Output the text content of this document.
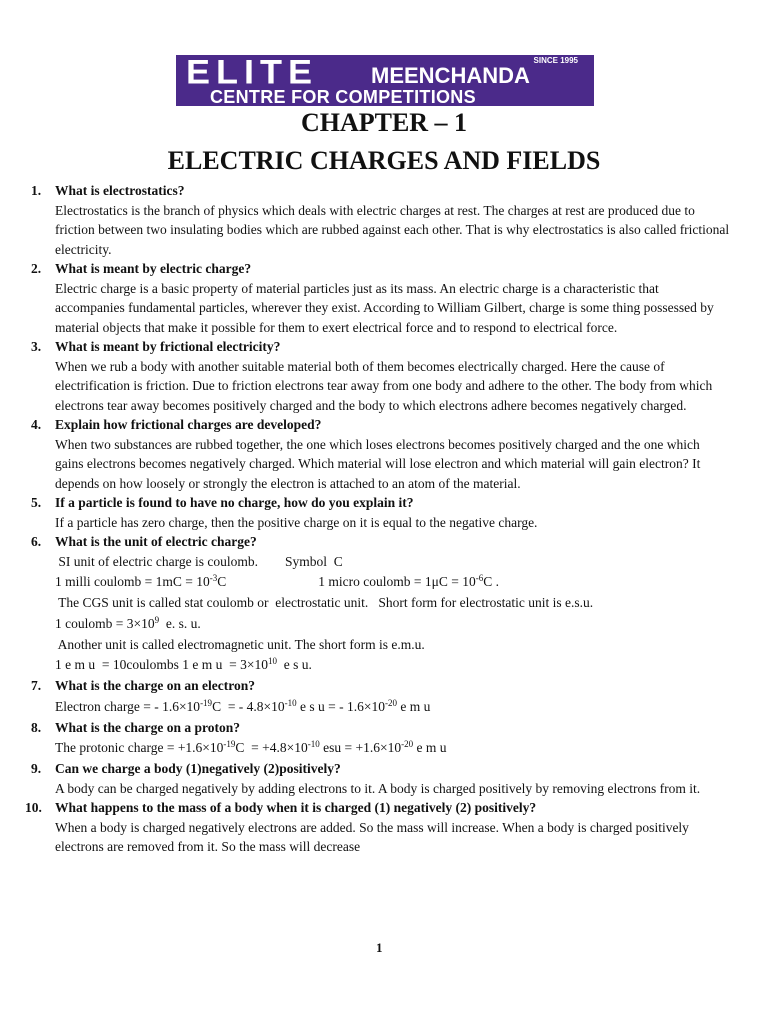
ELITE	SINCE 1995
MEENCHANDA
CENTRE FOR COMPETITIONS
CHAPTER – 1
ELECTRIC CHARGES AND FIELDS
1. What is electrostatics?
Electrostatics is the branch of physics which deals with electric charges at rest. The charges at rest are produced due to friction between two insulating bodies which are rubbed against each other. That is why electrostatics is also called frictional electricity.
2. What is meant by electric charge?
Electric charge is a basic property of material particles just as its mass. An electric charge is a characteristic that accompanies fundamental particles, wherever they exist. According to William Gilbert, charge is some thing possessed by material objects that make it possible for them to exert electrical force and to respond to electrical force.
3. What is meant by frictional electricity?
When we rub a body with another suitable material both of them becomes electrically charged. Here the cause of electrification is friction. Due to friction electrons tear away from one body and adhere to the other. The body from which electrons tear away becomes positively charged and the body to which electrons adhere becomes negatively charged.
4. Explain how frictional charges are developed?
When two substances are rubbed together, the one which loses electrons becomes positively charged and the one which gains electrons becomes negatively charged. Which material will lose electron and which material will gain electron? It depends on how loosely or strongly the electron is attached to an atom of the material.
5. If a particle is found to have no charge, how do you explain it?
If a particle has zero charge, then the positive charge on it is equal to the negative charge.
6. What is the unit of electric charge?
SI unit of electric charge is coulomb.        Symbol  C
1 milli coulomb = $1mC = 10^{-3}C$	1 micro coulomb = $1\mu C = 10^{-6}C$ .
The CGS unit is called stat coulomb or  electrostatic unit.   Short form for electrostatic unit is e.s.u.
1 coulomb = $3\times 10^9$  e. s. u.
Another unit is called electromagnetic unit. The short form is e.m.u.
1 e m u  = 10coulombs 1 e m $u = 3\times 10^{10}$  e s u.
7. What is the charge on an electron?
Electron charge = - $1.6\times 10^{-19}C$  = - $4.8\times 10^{-10}$ e s u = - $1.6\times 10^{-20}$ e m u
8. What is the charge on a proton?
The protonic charge = $+1.6\times 10^{-19}C = +4.8\times 10^{-10}$ esu = $+1.6\times 10^{-20}$ e m u
9. Can we charge a body (1)negatively (2)positively?
A body can be charged negatively by adding electrons to it. A body is charged positively by removing electrons from it.
10. What happens to the mass of a body when it is charged (1) negatively (2) positively?
When a body is charged negatively electrons are added. So the mass will increase. When a body is charged positively electrons are removed from it. So the mass will decrease
1
